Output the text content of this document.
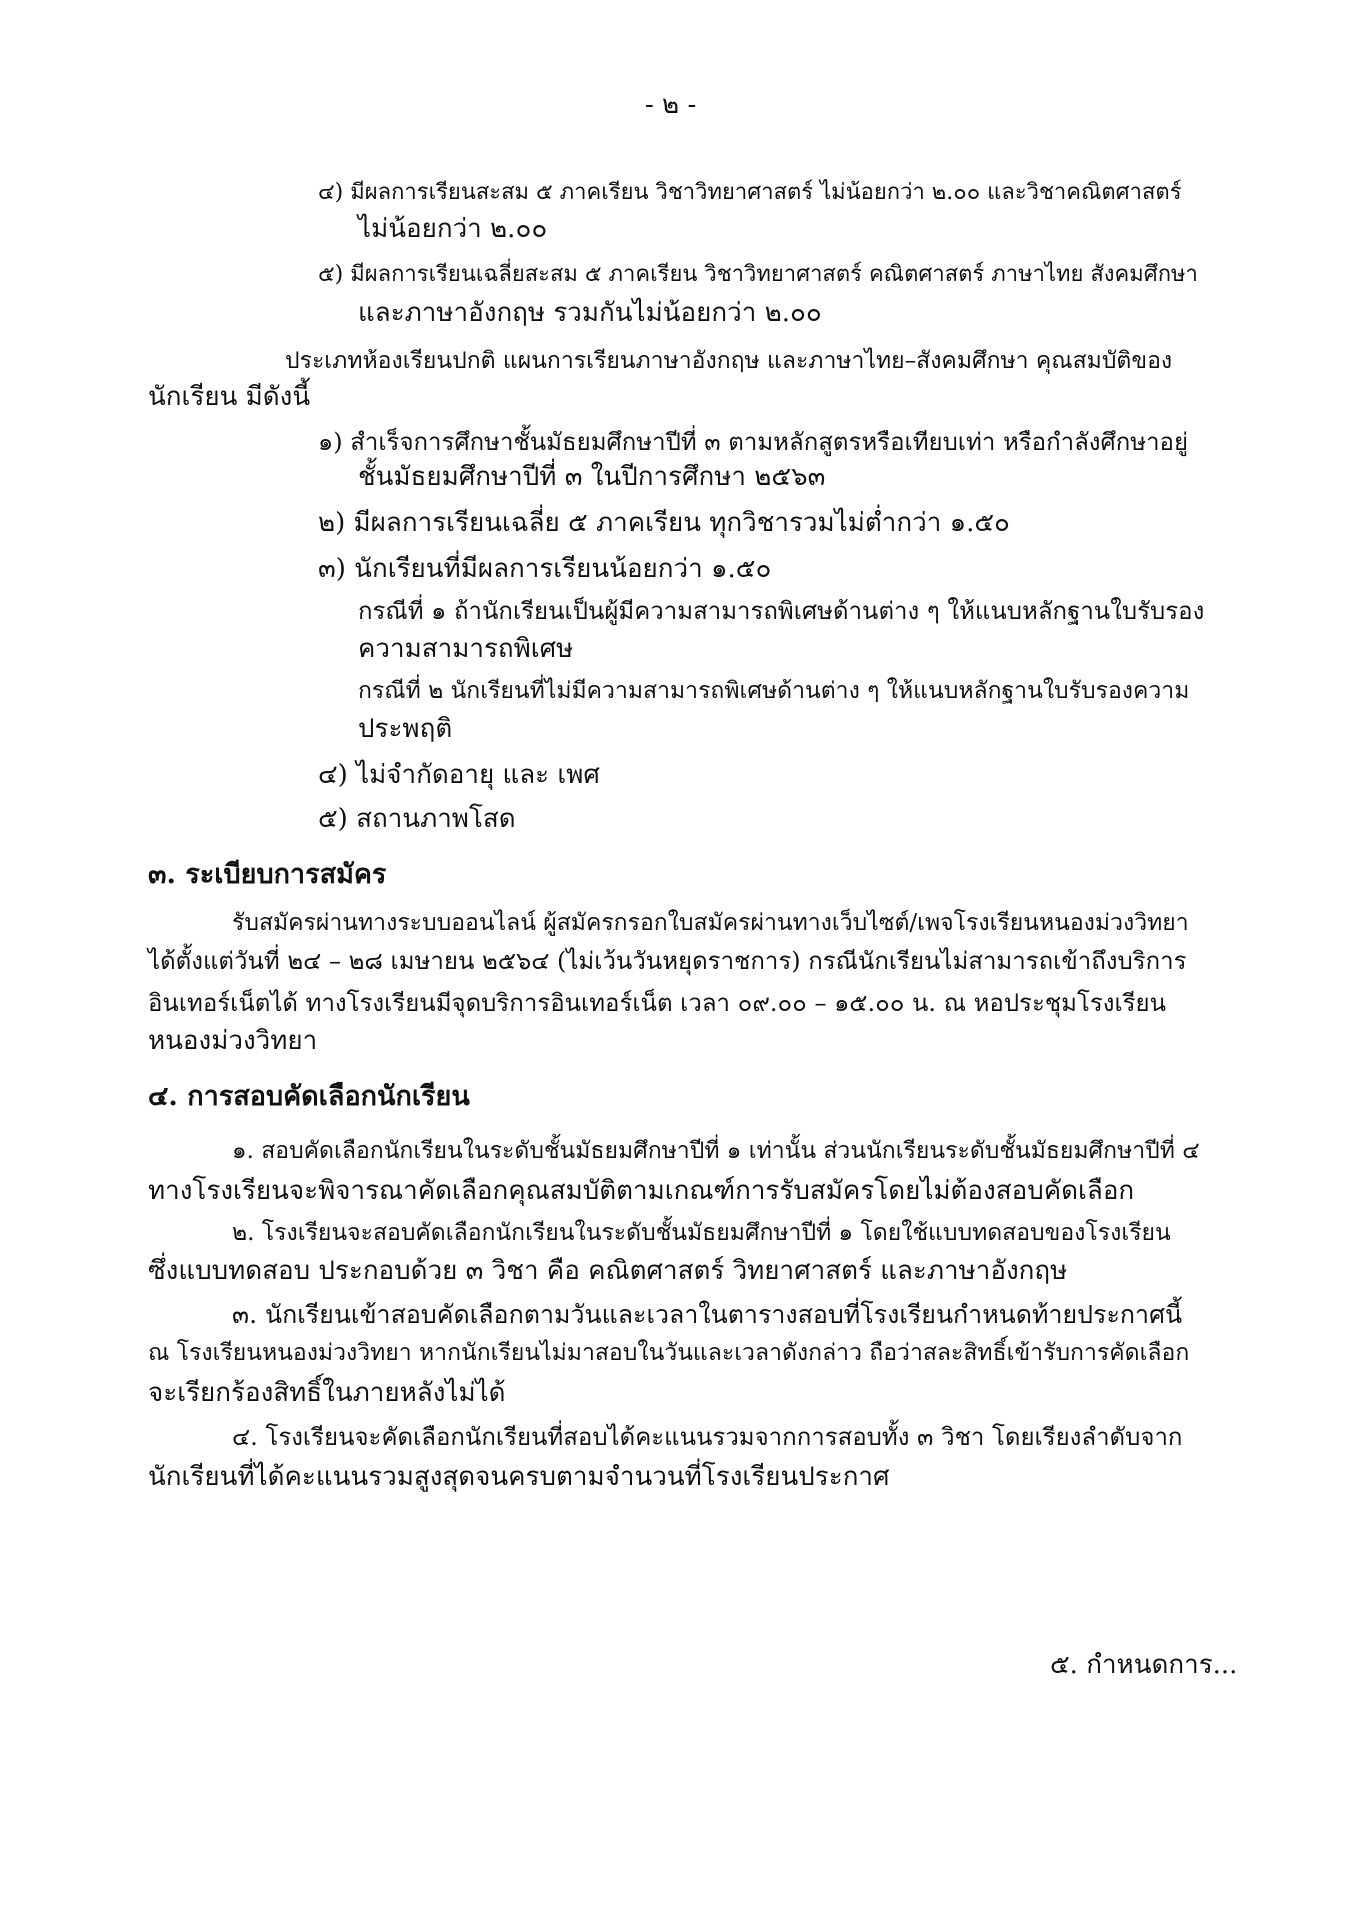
- ๒ -
๔) มีผลการเรียนสะสม ๕ ภาคเรียน วิชาวิทยาศาสตร์ ไม่น้อยกว่า ๒.๐๐ และวิชาคณิตศาสตร์
ไม่น้อยกว่า ๒.๐๐
๕) มีผลการเรียนเฉลี่ยสะสม ๕ ภาคเรียน วิชาวิทยาศาสตร์ คณิตศาสตร์ ภาษาไทย สังคมศึกษา
และภาษาอังกฤษ รวมกันไม่น้อยกว่า ๒.๐๐
ประเภทห้องเรียนปกติ แผนการเรียนภาษาอังกฤษ และภาษาไทย–สังคมศึกษา คุณสมบัติของ
นักเรียน มีดังนี้
๑) สำเร็จการศึกษาชั้นมัธยมศึกษาปีที่ ๓ ตามหลักสูตรหรือเทียบเท่า หรือกำลังศึกษาอยู่
ชั้นมัธยมศึกษาปีที่ ๓ ในปีการศึกษา ๒๕๖๓
๒) มีผลการเรียนเฉลี่ย ๕ ภาคเรียน ทุกวิชารวมไม่ต่ำกว่า ๑.๕๐
๓) นักเรียนที่มีผลการเรียนน้อยกว่า ๑.๕๐
กรณีที่ ๑ ถ้านักเรียนเป็นผู้มีความสามารถพิเศษด้านต่าง ๆ ให้แนบหลักฐานใบรับรอง
ความสามารถพิเศษ
กรณีที่ ๒ นักเรียนที่ไม่มีความสามารถพิเศษด้านต่าง ๆ ให้แนบหลักฐานใบรับรองความ
ประพฤติ
๔) ไม่จำกัดอายุ และ เพศ
๕) สถานภาพโสด
๓. ระเบียบการสมัคร
รับสมัครผ่านทางระบบออนไลน์ ผู้สมัครกรอกใบสมัครผ่านทางเว็บไซต์/เพจโรงเรียนหนองม่วงวิทยา
ได้ตั้งแต่วันที่ ๒๔ – ๒๘ เมษายน ๒๕๖๔ (ไม่เว้นวันหยุดราชการ) กรณีนักเรียนไม่สามารถเข้าถึงบริการ
อินเทอร์เน็ตได้ ทางโรงเรียนมีจุดบริการอินเทอร์เน็ต เวลา ๐๙.๐๐ – ๑๕.๐๐ น. ณ หอประชุมโรงเรียน
หนองม่วงวิทยา
๔. การสอบคัดเลือกนักเรียน
๑. สอบคัดเลือกนักเรียนในระดับชั้นมัธยมศึกษาปีที่ ๑ เท่านั้น ส่วนนักเรียนระดับชั้นมัธยมศึกษาปีที่ ๔
ทางโรงเรียนจะพิจารณาคัดเลือกคุณสมบัติตามเกณฑ์การรับสมัครโดยไม่ต้องสอบคัดเลือก
๒. โรงเรียนจะสอบคัดเลือกนักเรียนในระดับชั้นมัธยมศึกษาปีที่ ๑ โดยใช้แบบทดสอบของโรงเรียน
ซึ่งแบบทดสอบ ประกอบด้วย ๓ วิชา คือ คณิตศาสตร์ วิทยาศาสตร์ และภาษาอังกฤษ
๓. นักเรียนเข้าสอบคัดเลือกตามวันและเวลาในตารางสอบที่โรงเรียนกำหนดท้ายประกาศนี้
ณ โรงเรียนหนองม่วงวิทยา หากนักเรียนไม่มาสอบในวันและเวลาดังกล่าว ถือว่าสละสิทธิ์เข้ารับการคัดเลือก
จะเรียกร้องสิทธิ์ในภายหลังไม่ได้
๔. โรงเรียนจะคัดเลือกนักเรียนที่สอบได้คะแนนรวมจากการสอบทั้ง ๓ วิชา โดยเรียงลำดับจาก
นักเรียนที่ได้คะแนนรวมสูงสุดจนครบตามจำนวนที่โรงเรียนประกาศ
๕. กำหนดการ...
